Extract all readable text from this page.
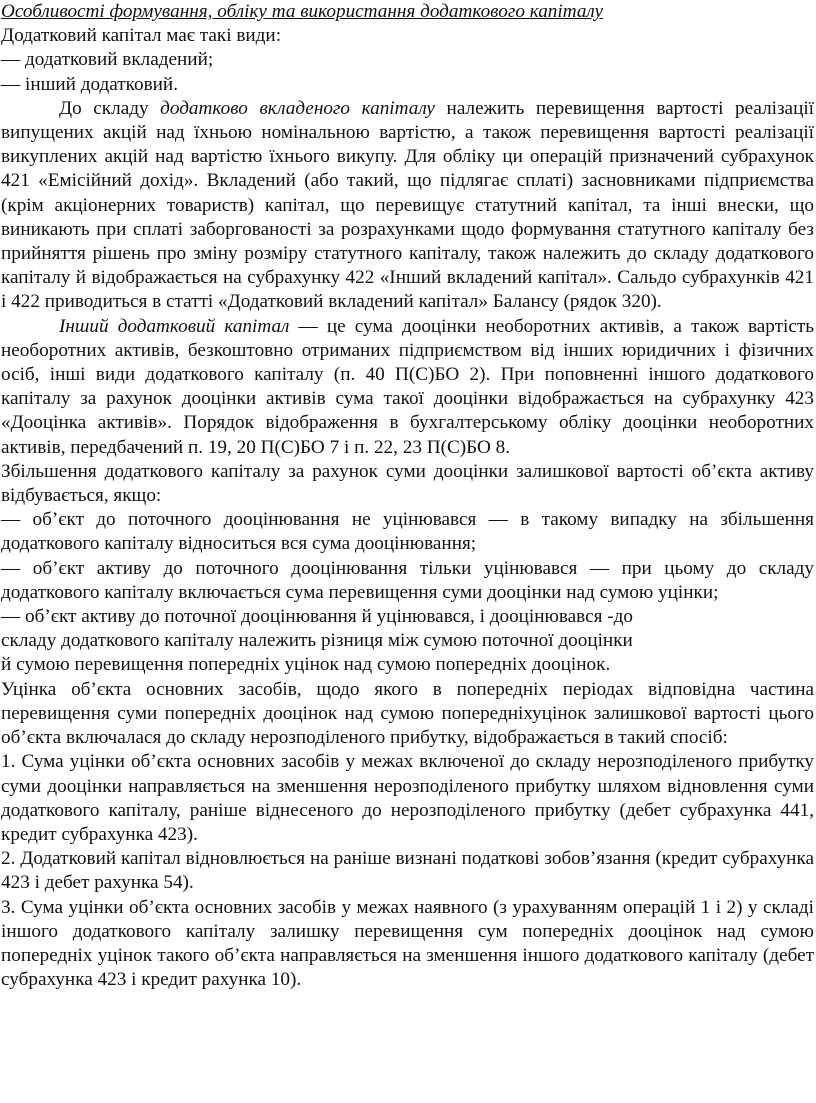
Особливості формування, обліку та використання додаткового капіталу

Додатковий капітал має такі види:

— додатковий вкладений;

— інший додатковий.

До складу додатково вкладеного капіталу належить перевищення вартості реалізації випущених акцій над їхньою номінальною вартістю, а також перевищення вартості реалізації викуплених акцій над вартістю їхнього викупу. Для обліку ци операцій призначений субрахунок 421 «Емісійний дохід». Вкладений (або такий, що підлягає сплаті) засновниками підприємства (крім акціонерних товариств) капітал, що перевищує статутний капітал, та інші внески, що виникають при сплаті заборгованості за розрахунками щодо формування статутного капіталу без прийняття рішень про зміну розміру статутного капіталу, також належить до складу додаткового капіталу й відображається на субрахунку 422 «Інший вкладений капітал». Сальдо субрахунків 421 і 422 приводиться в статті «Додатковий вкладений капітал» Балансу (рядок 320).

Інший додатковий капітал — це сума дооцінки необоротних активів, а також вартість необоротних активів, безкоштовно отриманих підприємством від інших юридичних і фізичних осіб, інші види додаткового капіталу (п. 40 П(С)БО 2). При поповненні іншого додаткового капіталу за рахунок дооцінки активів сума такої дооцінки відображається на субрахунку 423 «Дооцінка активів». Порядок відображення в бухгалтерському обліку дооцінки необоротних активів, передбачений п. 19, 20 П(С)БО 7 і п. 22, 23 П(С)БО 8.

Збільшення додаткового капіталу за рахунок суми дооцінки залишкової вартості об’єкта активу відбувається, якщо:

— об’єкт до поточного дооцінювання не уцінювався — в такому випадку на збільшення додаткового капіталу відноситься вся сума дооцінювання;

— об’єкт активу до поточного дооцінювання тільки уцінювався — при цьому до складу додаткового капіталу включається сума перевищення суми дооцінки над сумою уцінки;

— об’єкт активу до поточної дооцінювання й уцінювався, і дооцінювався -до

складу додаткового капіталу належить різниця між сумою поточної дооцінки

й сумою перевищення попередніх уцінок над сумою попередніх дооцінок.

Уцінка об’єкта основних засобів, щодо якого в попередніх періодах відповідна частина перевищення суми попередніх дооцінок над сумою попереднiхуцінок залишкової вартості цього об’єкта включалася до складу нерозподіленого прибутку, відображається в такий спосіб:

1. Сума уцінки об’єкта основних засобів у межах включеної до складу нерозподіленого прибутку суми дооцінки направляється на зменшення нерозподіленого прибутку шляхом відновлення суми додаткового капіталу, раніше віднесеного до нерозподіленого прибутку (дебет субрахунка 441, кредит субрахунка 423).

2. Додатковий капітал відновлюється на раніше визнані податкові зобов’язання (кредит субрахунка 423 і дебет рахунка 54).

3. Сума уцінки об’єкта основних засобів у межах наявного (з урахуванням операцій 1 і 2) у складі іншого додаткового капіталу залишку перевищення сум попередніх дооцінок над сумою попередніх уцінок такого об’єкта направляється на зменшення іншого додаткового капіталу (дебет субрахунка 423 і кредит рахунка 10).
